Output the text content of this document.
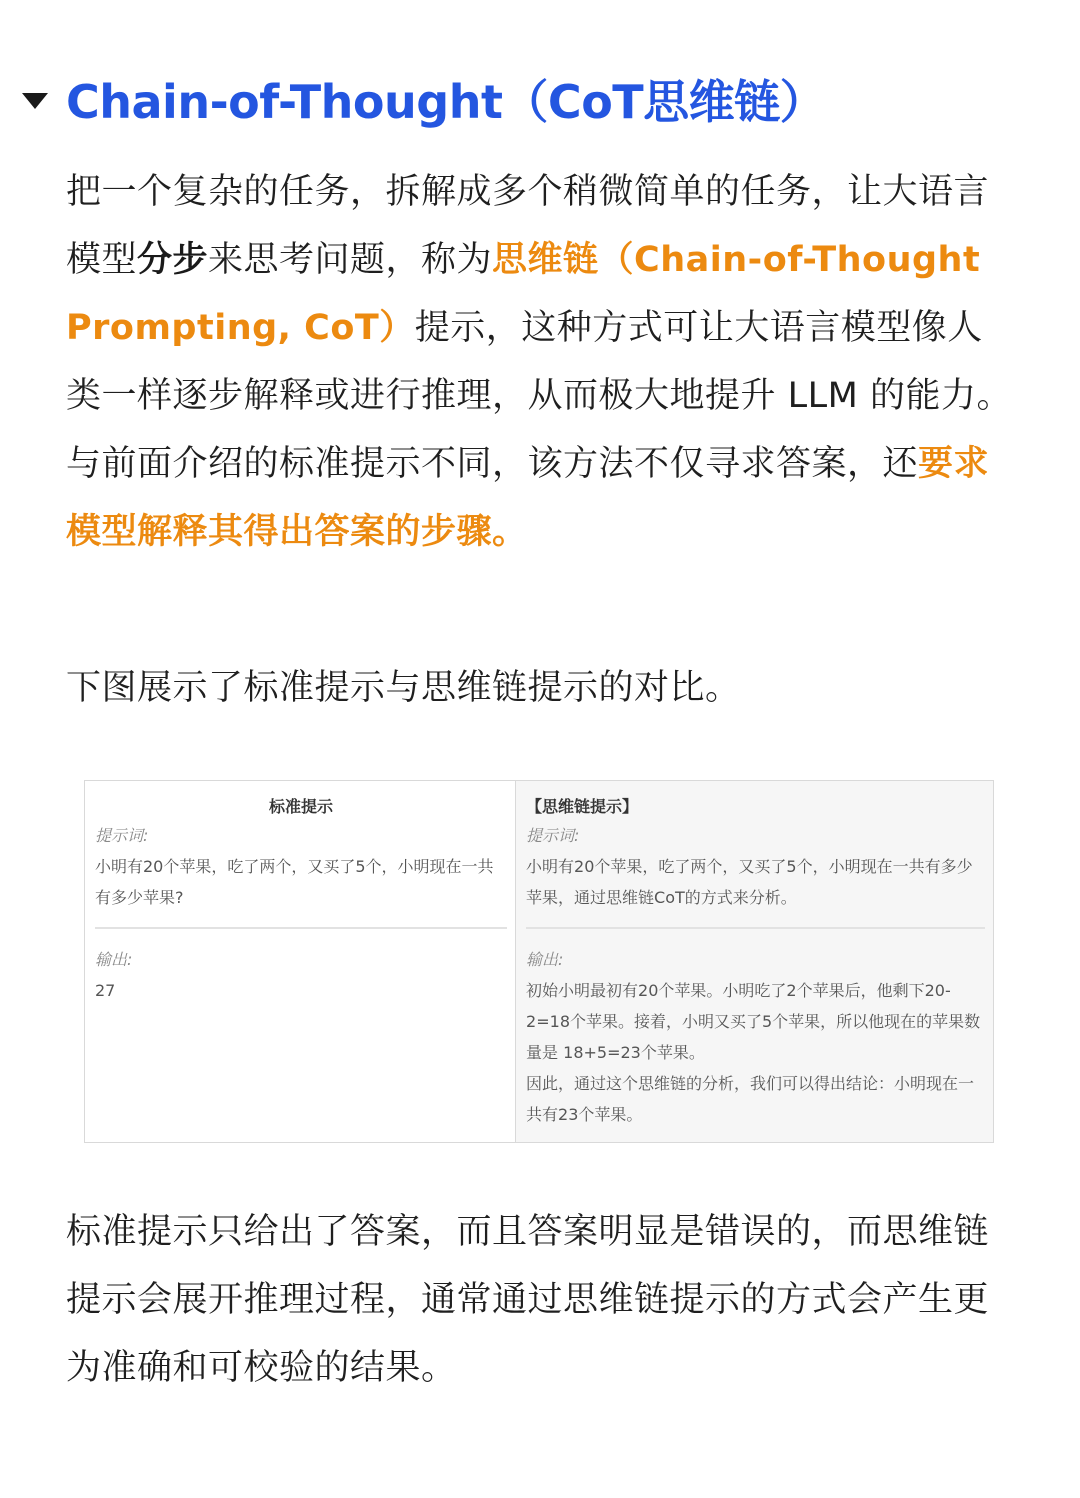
Chain-of-Thought（CoT思维链）
把一个复杂的任务，拆解成多个稍微简单的任务，让大语言模型分步来思考问题，称为思维链（Chain-of-Thought Prompting, CoT）提示，这种方式可让大语言模型像人类一样逐步解释或进行推理，从而极大地提升 LLM 的能力。与前面介绍的标准提示不同，该方法不仅寻求答案，还要求模型解释其得出答案的步骤。
下图展示了标准提示与思维链提示的对比。
标准提示
提示词:
小明有20个苹果，吃了两个，又买了5个，小明现在一共有多少苹果?
输出:
27
【思维链提示】
提示词:
小明有20个苹果，吃了两个，又买了5个，小明现在一共有多少苹果，通过思维链CoT的方式来分析。
输出:
初始小明最初有20个苹果。小明吃了2个苹果后，他剩下20-2=18个苹果。接着，小明又买了5个苹果，所以他现在的苹果数量是 18+5=23个苹果。
因此，通过这个思维链的分析，我们可以得出结论：小明现在一共有23个苹果。
标准提示只给出了答案，而且答案明显是错误的，而思维链提示会展开推理过程，通常通过思维链提示的方式会产生更为准确和可校验的结果。
